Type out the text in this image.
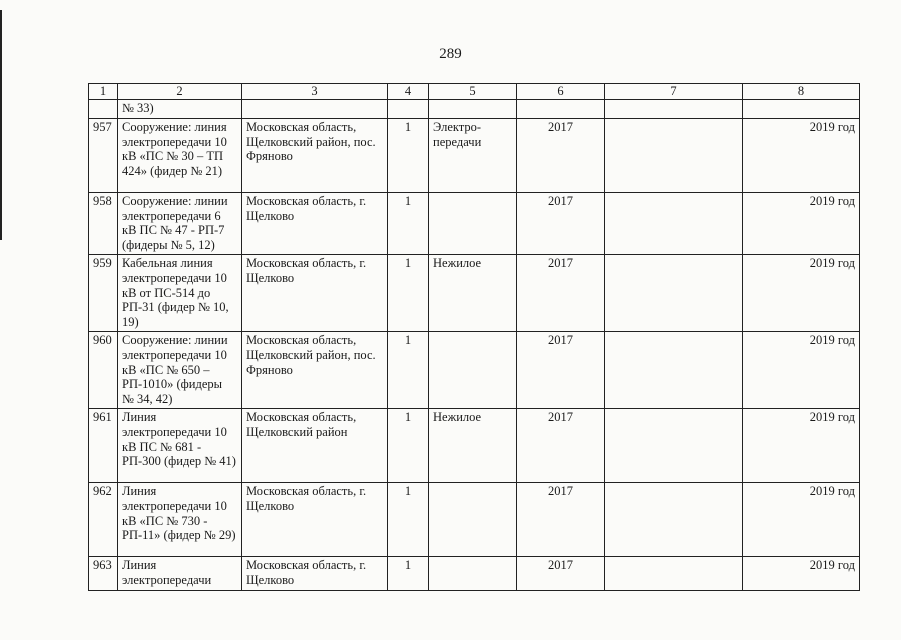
289
1	2	3	4	5	6	7	8
	№ 33)						
957	Сооружение: линия электропередачи 10 кВ «ПС № 30 – ТП 424» (фидер № 21)	Московская область, Щелковский район, пос. Фряново	1	Электро-передачи	2017		2019 год
958	Сооружение: линии электропередачи 6 кВ ПС № 47 - РП-7 (фидеры № 5, 12)	Московская область, г. Щелково	1		2017		2019 год
959	Кабельная линия электропередачи 10 кВ от ПС-514 до РП-31 (фидер № 10, 19)	Московская область, г. Щелково	1	Нежилое	2017		2019 год
960	Сооружение: линии электропередачи 10 кВ «ПС № 650 – РП-1010» (фидеры № 34, 42)	Московская область, Щелковский район, пос. Фряново	1		2017		2019 год
961	Линия электропередачи 10 кВ ПС № 681 - РП-300 (фидер № 41)	Московская область, Щелковский район	1	Нежилое	2017		2019 год
962	Линия электропередачи 10 кВ «ПС № 730 - РП-11» (фидер № 29)	Московская область, г. Щелково	1		2017		2019 год
963	Линия электропередачи	Московская область, г. Щелково	1		2017		2019 год
